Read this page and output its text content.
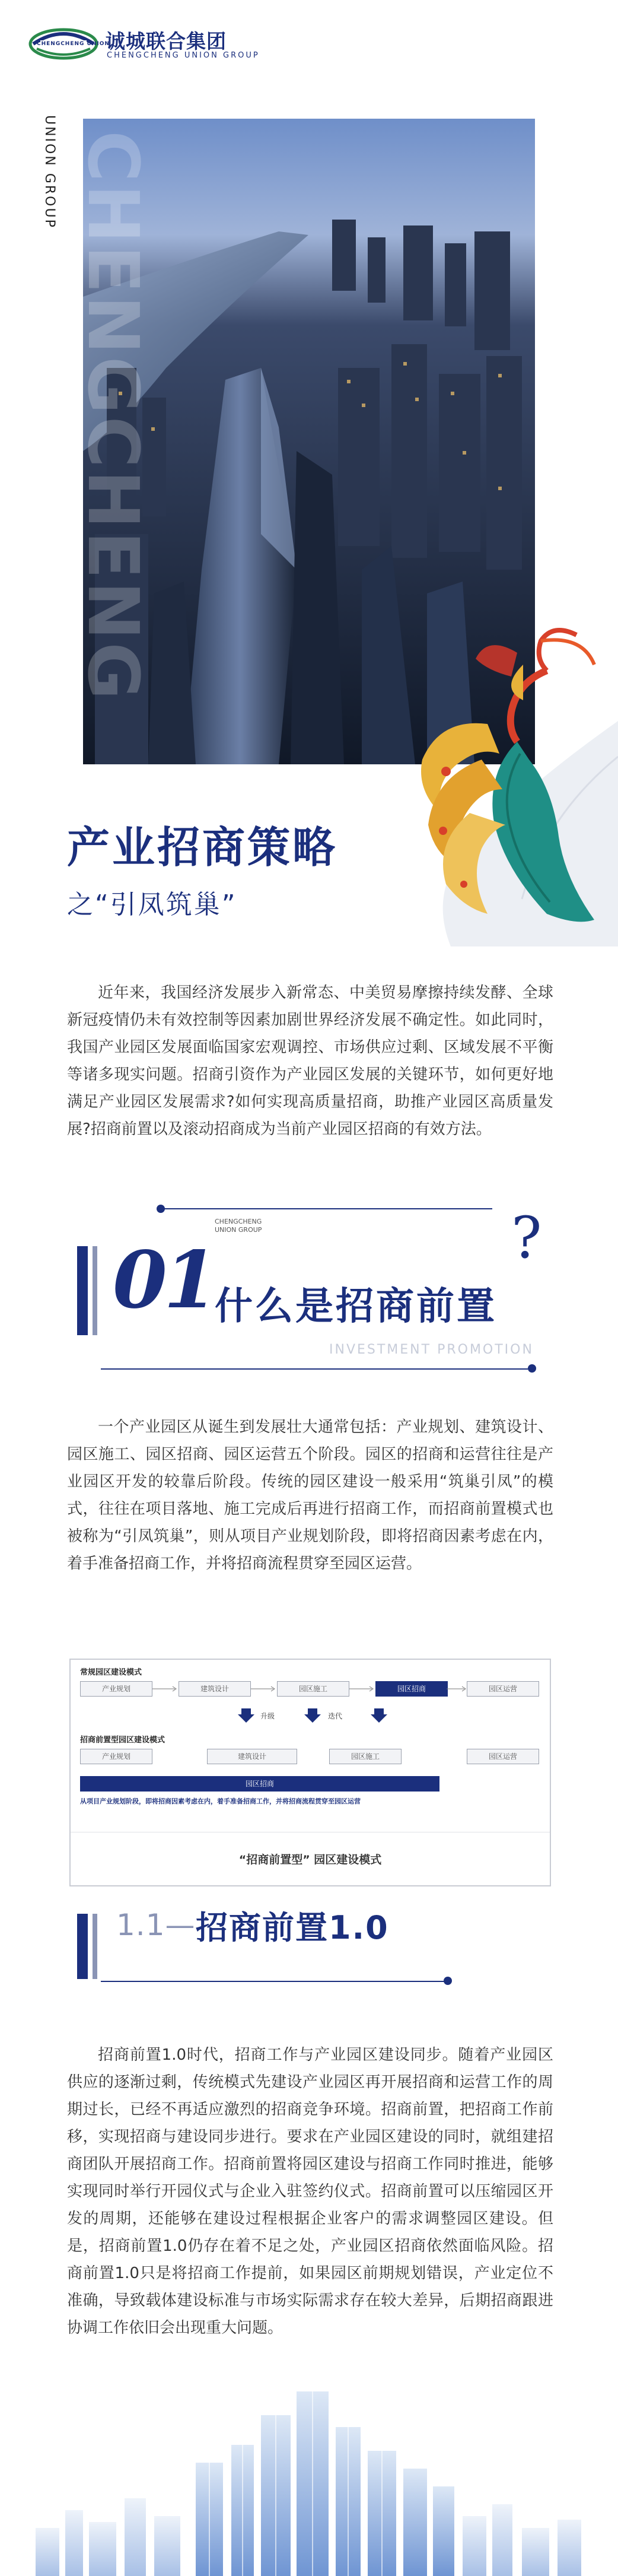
CHENGCHENG UNION
诚城联合集团
CHENGCHENG UNION GROUP
UNION GROUP CHENGCHENG
产业招商策略
之“引凤筑巢”
近年来，我国经济发展步入新常态、中美贸易摩擦持续发酵、全球新冠疫情仍未有效控制等因素加剧世界经济发展不确定性。如此同时，我国产业园区发展面临国家宏观调控、市场供应过剩、区域发展不平衡等诸多现实问题。招商引资作为产业园区发展的关键环节，如何更好地满足产业园区发展需求?如何实现高质量招商，助推产业园区高质量发展?招商前置以及滚动招商成为当前产业园区招商的有效方法。
?
01
CHENGCHENG
UNION GROUP
什么是招商前置
INVESTMENT PROMOTION
一个产业园区从诞生到发展壮大通常包括：产业规划、建筑设计、园区施工、园区招商、园区运营五个阶段。园区的招商和运营往往是产业园区开发的较靠后阶段。传统的园区建设一般采用“筑巢引凤”的模式，往往在项目落地、施工完成后再进行招商工作，而招商前置模式也被称为“引凤筑巢”，则从项目产业规划阶段，即将招商因素考虑在内，着手准备招商工作，并将招商流程贯穿至园区运营。
常规园区建设模式
产业规划	建筑设计	园区施工	园区招商	园区运营
升级	迭代
招商前置型园区建设模式
产业规划	建筑设计	园区施工	园区运营
园区招商
从项目产业规划阶段，即将招商因素考虑在内，着手准备招商工作，并将招商流程贯穿至园区运营
“招商前置型” 园区建设模式
1.1— 招商前置1.0
招商前置1.0时代，招商工作与产业园区建设同步。随着产业园区供应的逐渐过剩，传统模式先建设产业园区再开展招商和运营工作的周期过长，已经不再适应激烈的招商竞争环境。招商前置，把招商工作前移，实现招商与建设同步进行。要求在产业园区建设的同时，就组建招商团队开展招商工作。招商前置将园区建设与招商工作同时推进，能够实现同时举行开园仪式与企业入驻签约仪式。招商前置可以压缩园区开发的周期，还能够在建设过程根据企业客户的需求调整园区建设。但是，招商前置1.0仍存在着不足之处，产业园区招商依然面临风险。招商前置1.0只是将招商工作提前，如果园区前期规划错误，产业定位不准确，导致载体建设标准与市场实际需求存在较大差异，后期招商跟进协调工作依旧会出现重大问题。
